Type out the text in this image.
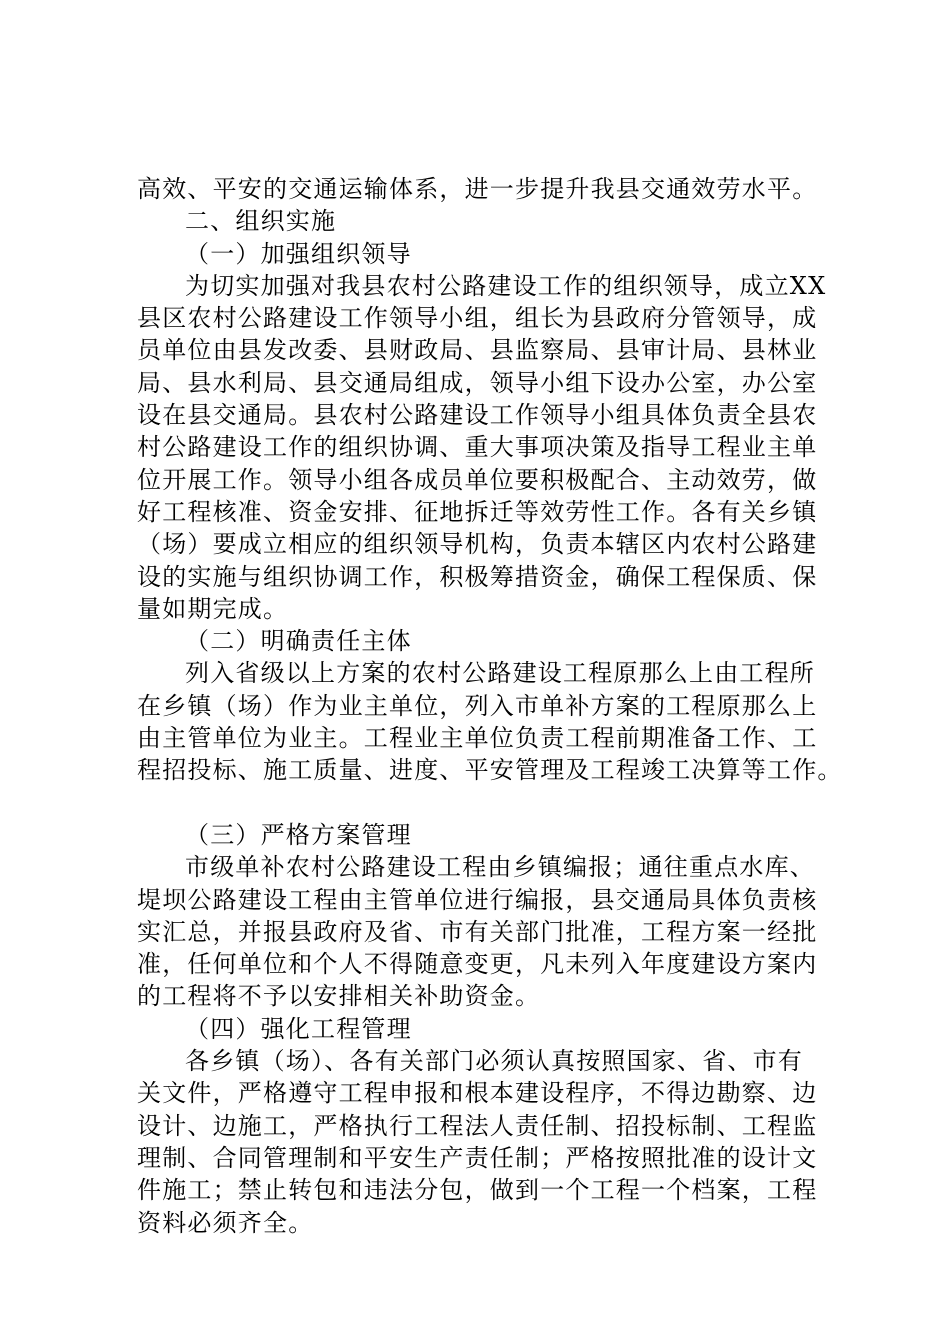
高效、平安的交通运输体系，进一步提升我县交通效劳水平。
二、组织实施
（一）加强组织领导
为切实加强对我县农村公路建设工作的组织领导，成立XX
县区农村公路建设工作领导小组，组长为县政府分管领导，成
员单位由县发改委、县财政局、县监察局、县审计局、县林业
局、县水利局、县交通局组成，领导小组下设办公室，办公室
设在县交通局。县农村公路建设工作领导小组具体负责全县农
村公路建设工作的组织协调、重大事项决策及指导工程业主单
位开展工作。领导小组各成员单位要积极配合、主动效劳，做
好工程核准、资金安排、征地拆迁等效劳性工作。各有关乡镇
（场）要成立相应的组织领导机构，负责本辖区内农村公路建
设的实施与组织协调工作，积极筹措资金，确保工程保质、保
量如期完成。
（二）明确责任主体
列入省级以上方案的农村公路建设工程原那么上由工程所
在乡镇（场）作为业主单位，列入市单补方案的工程原那么上
由主管单位为业主。工程业主单位负责工程前期准备工作、工
程招投标、施工质量、进度、平安管理及工程竣工决算等工作。
（三）严格方案管理
市级单补农村公路建设工程由乡镇编报；通往重点水库、
堤坝公路建设工程由主管单位进行编报，县交通局具体负责核
实汇总，并报县政府及省、市有关部门批准，工程方案一经批
准，任何单位和个人不得随意变更，凡未列入年度建设方案内
的工程将不予以安排相关补助资金。
（四）强化工程管理
各乡镇（场）、各有关部门必须认真按照国家、省、市有
关文件，严格遵守工程申报和根本建设程序，不得边勘察、边
设计、边施工，严格执行工程法人责任制、招投标制、工程监
理制、合同管理制和平安生产责任制；严格按照批准的设计文
件施工；禁止转包和违法分包，做到一个工程一个档案，工程
资料必须齐全。
